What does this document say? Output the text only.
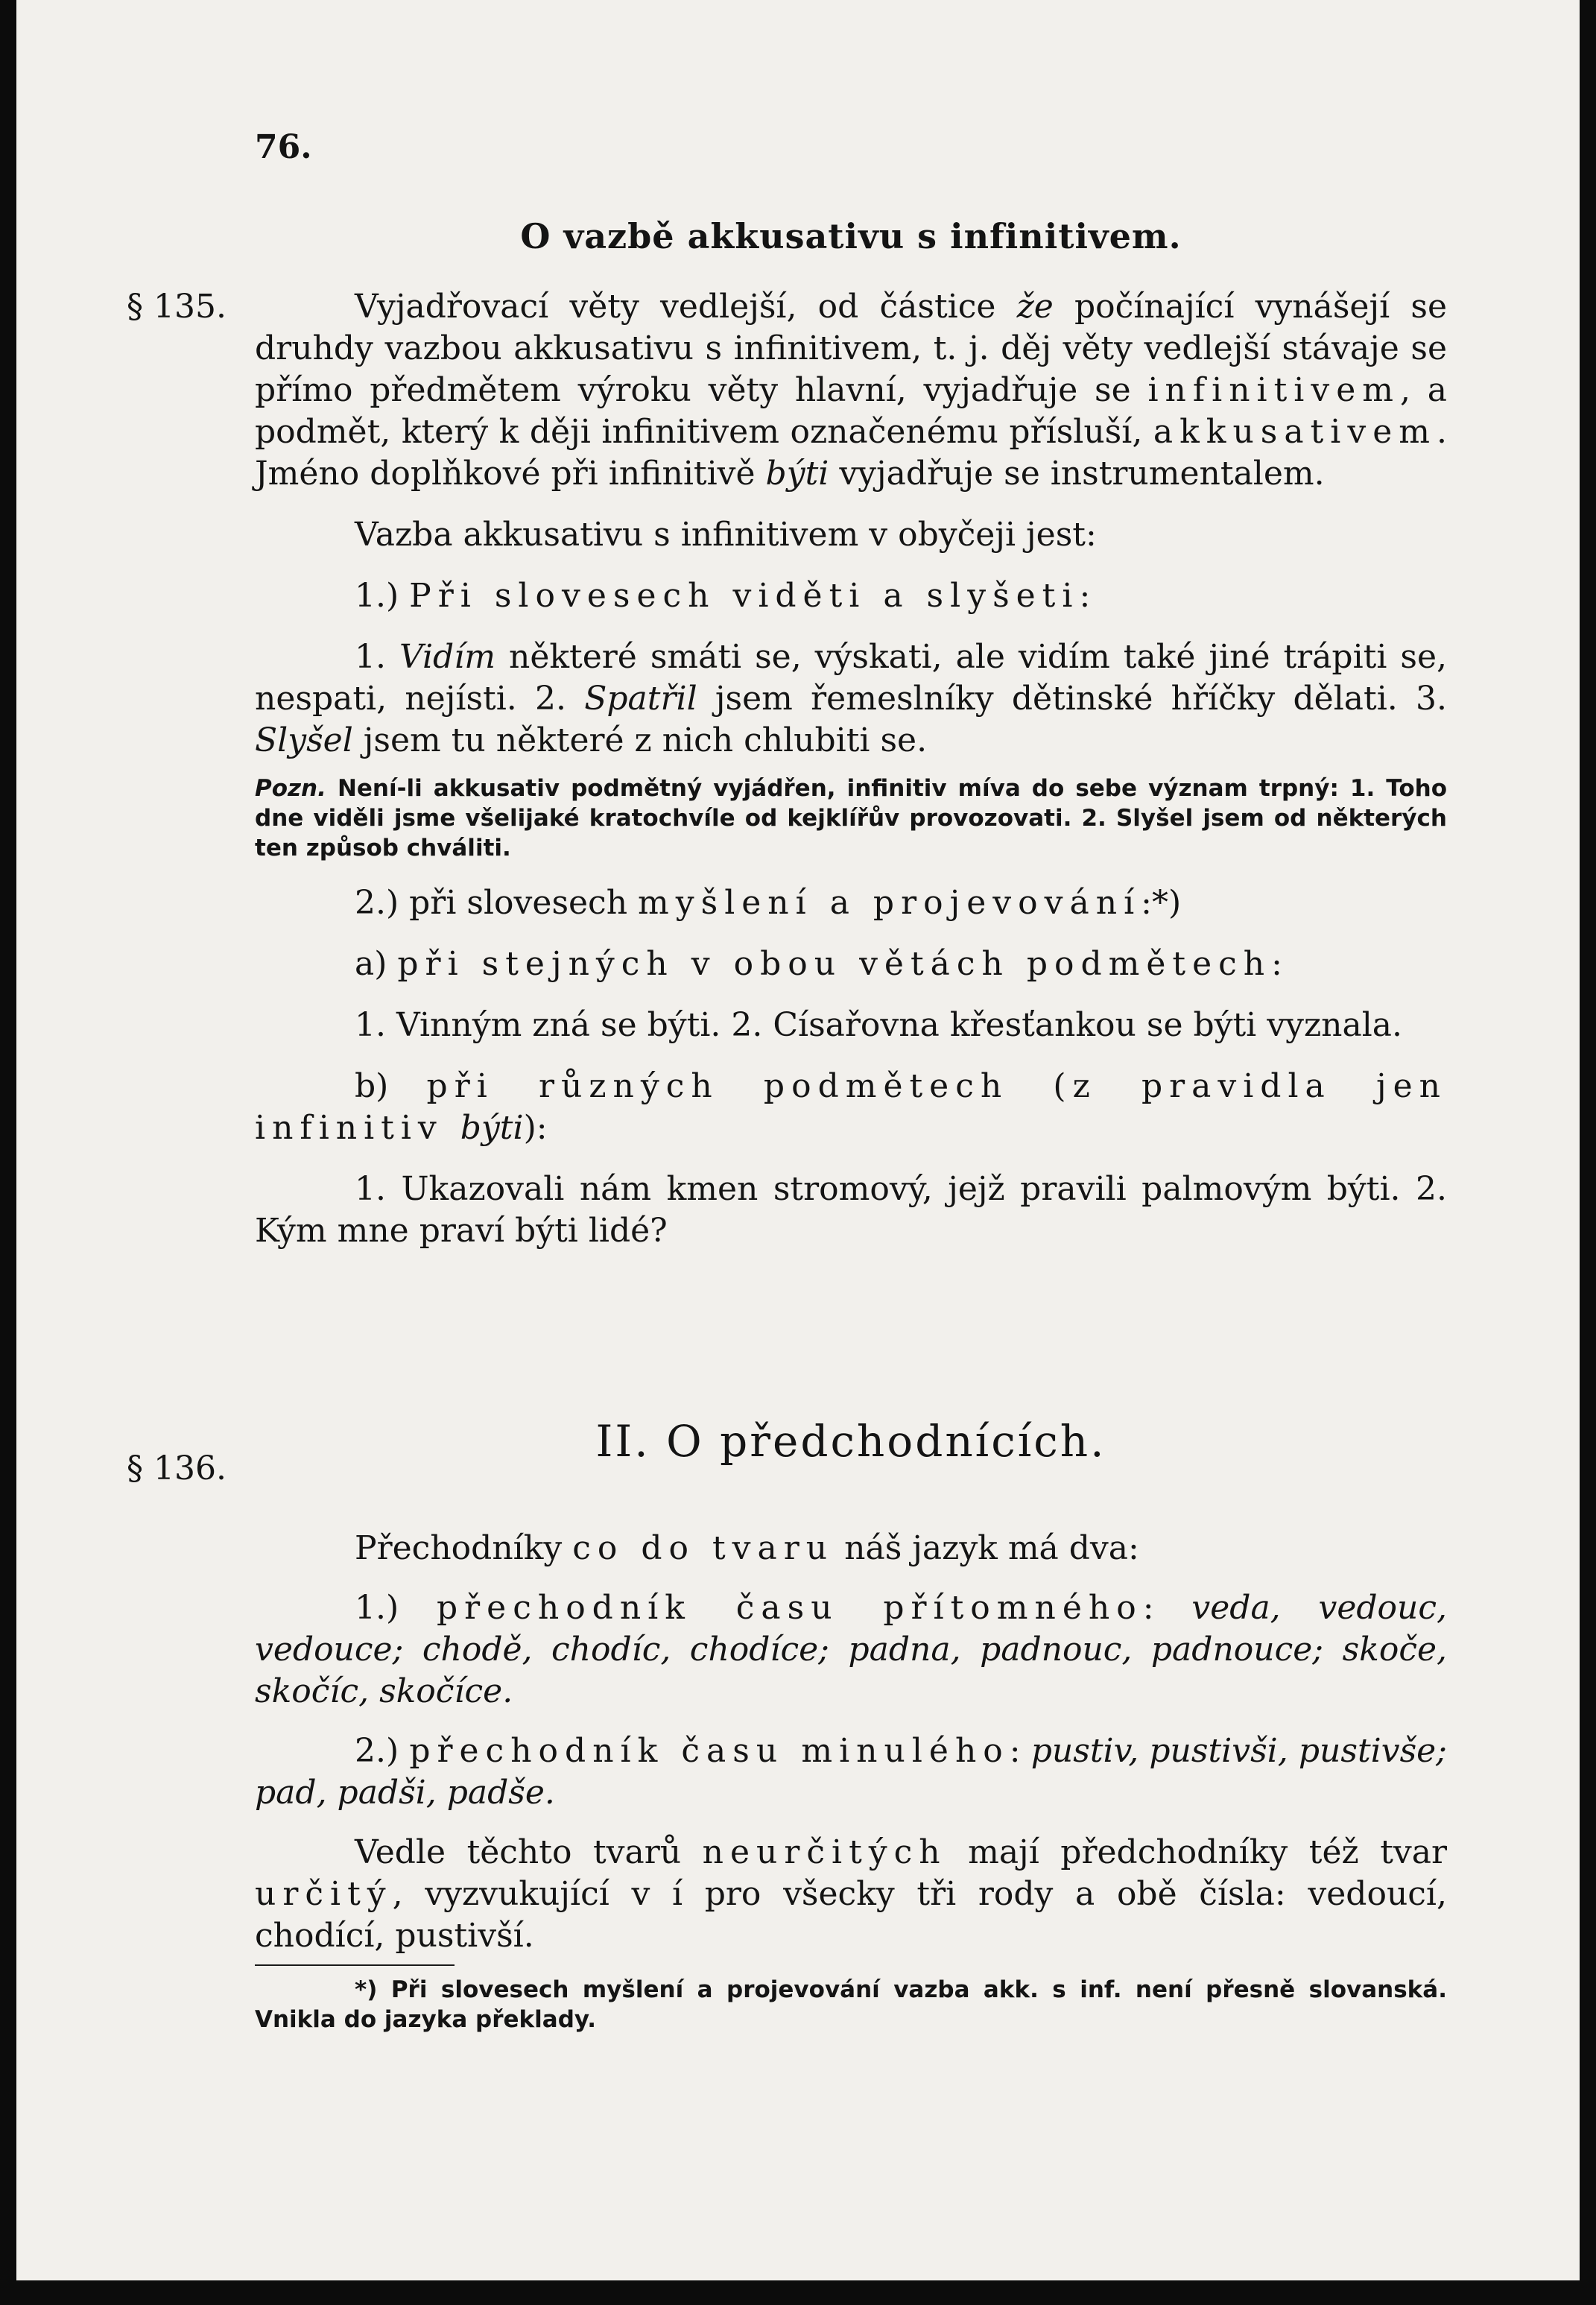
76.
O vazbě akkusativu s infinitivem.
§ 135.	Vyjadřovací věty vedlejší, od částice že počínající vynášejí se druhdy vazbou akkusativu s infinitivem, t. j. děj věty vedlejší stávaje se přímo předmětem výroku věty hlavní, vyjadřuje se infinitivem, a podmět, který k ději infinitivem označenému přísluší, akkusativem. Jméno doplňkové při infinitivě býti vyjadřuje se instrumentalem.

Vazba akkusativu s infinitivem v obyčeji jest:

1.) Při slovesech viděti a slyšeti:

1. Vidím některé smáti se, výskati, ale vidím také jiné trápiti se, nespati, nejísti. 2. Spatřil jsem řemeslníky dětinské hříčky dělati. 3. Slyšel jsem tu některé z nich chlubiti se.

Pozn. Není-li akkusativ podmětný vyjádřen, infinitiv míva do sebe význam trpný: 1. Toho dne viděli jsme všelijaké kratochvíle od kejklířův provozovati. 2. Slyšel jsem od některých ten způsob chváliti.

2.) při slovesech myšlení a projevování:*)

a) při stejných v obou větách podmětech:

1. Vinným zná se býti. 2. Císařovna křesťankou se býti vyznala.

b) při různých podmětech (z pravidla jen infinitiv býti):

1. Ukazovali nám kmen stromový, jejž pravili palmovým býti. 2. Kým mne praví býti lidé?

§ 136.
II. O předchodnících.

Přechodníky co do tvaru náš jazyk má dva:

1.) přechodník času přítomného: veda, vedouc, vedouce; chodě, chodíc, chodíce; padna, padnouc, padnouce; skoče, skočíc, skočíce.

2.) přechodník času minulého: pustiv, pustivši, pustivše; pad, padši, padše.

Vedle těchto tvarů neurčitých mají předchodníky též tvar určitý, vyzvukující v í pro všecky tři rody a obě čísla: vedoucí, chodící, pustivší.

*) Při slovesech myšlení a projevování vazba akk. s inf. není přesně slovanská. Vnikla do jazyka překlady.
